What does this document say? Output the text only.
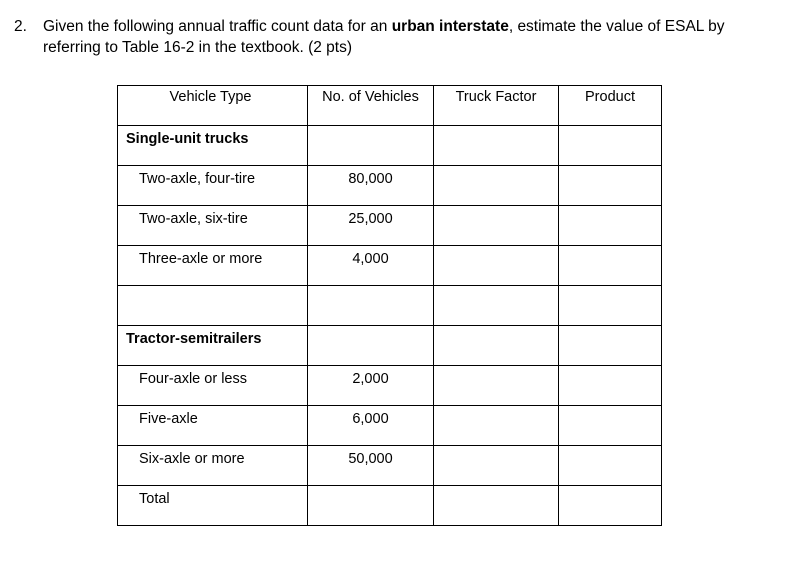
2. Given the following annual traffic count data for an urban interstate, estimate the value of ESAL by referring to Table 16-2 in the textbook. (2 pts)
Vehicle Type	No. of Vehicles	Truck Factor	Product

Single-unit trucks			

Two-axle, four-tire	80,000		

Two-axle, six-tire	25,000		

Three-axle or more	4,000		

Tractor-semitrailers			

Four-axle or less	2,000		

Five-axle	6,000		

Six-axle or more	50,000		

Total			
